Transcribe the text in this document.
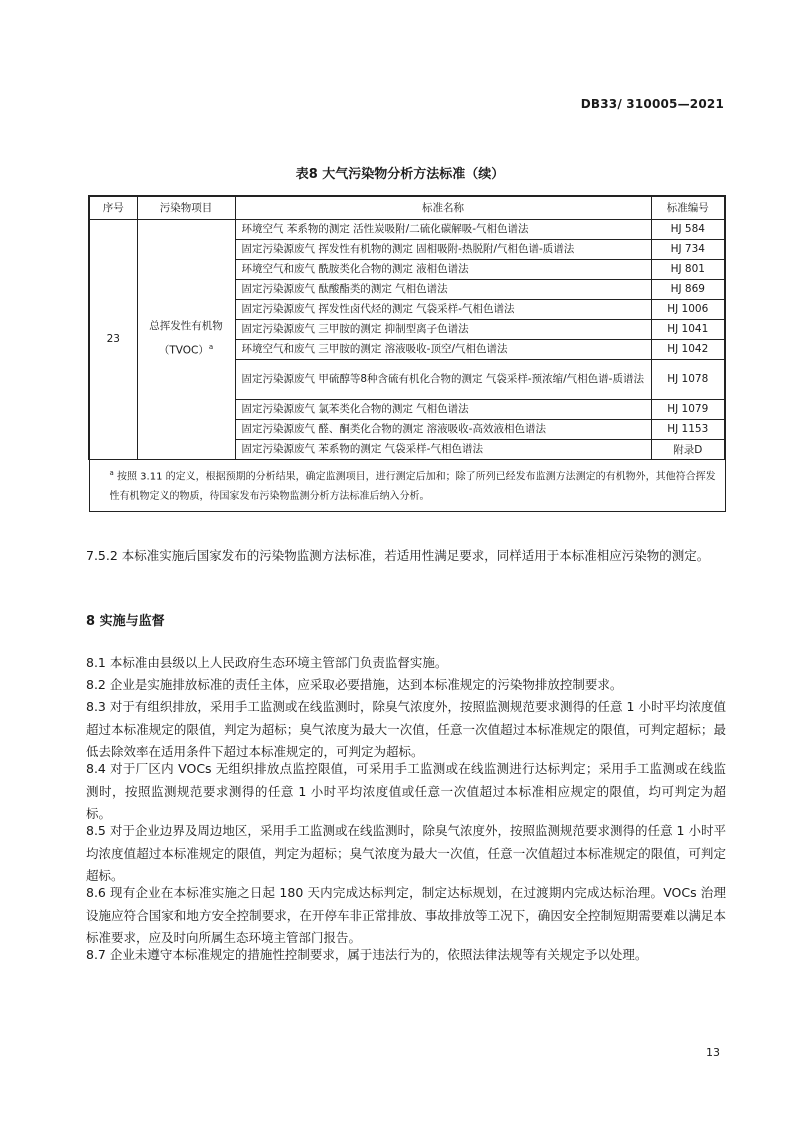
DB33/ 310005—2021
表8 大气污染物分析方法标准（续）
序号	污染物项目	标准名称	标准编号
23	总挥发性有机物（TVOC）$^a$	环境空气 苯系物的测定 活性炭吸附/二硫化碳解吸-气相色谱法	HJ 584
		固定污染源废气 挥发性有机物的测定 固相吸附-热脱附/气相色谱-质谱法	HJ 734
		环境空气和废气 酰胺类化合物的测定 液相色谱法	HJ 801
		固定污染源废气 酞酸酯类的测定 气相色谱法	HJ 869
		固定污染源废气 挥发性卤代烃的测定 气袋采样-气相色谱法	HJ 1006
		固定污染源废气 三甲胺的测定 抑制型离子色谱法	HJ 1041
		环境空气和废气 三甲胺的测定 溶液吸收-顶空/气相色谱法	HJ 1042
		固定污染源废气 甲硫醇等8种含硫有机化合物的测定 气袋采样-预浓缩/气相色谱-质谱法	HJ 1078
		固定污染源废气 氯苯类化合物的测定 气相色谱法	HJ 1079
		固定污染源废气 醛、酮类化合物的测定 溶液吸收-高效液相色谱法	HJ 1153
		固定污染源废气 苯系物的测定 气袋采样-气相色谱法	附录D
$^a$ 按照 3.11 的定义，根据预期的分析结果，确定监测项目，进行测定后加和；除了所列已经发布监测方法测定的有机物外，其他符合挥发性有机物定义的物质，待国家发布污染物监测分析方法标准后纳入分析。			

7.5.2 本标准实施后国家发布的污染物监测方法标准，若适用性满足要求，同样适用于本标准相应污染物的测定。

8 实施与监督

8.1 本标准由县级以上人民政府生态环境主管部门负责监督实施。

8.2 企业是实施排放标准的责任主体，应采取必要措施，达到本标准规定的污染物排放控制要求。

8.3 对于有组织排放，采用手工监测或在线监测时，除臭气浓度外，按照监测规范要求测得的任意 1 小时平均浓度值超过本标准规定的限值，判定为超标；臭气浓度为最大一次值，任意一次值超过本标准规定的限值，可判定超标；最低去除效率在适用条件下超过本标准规定的，可判定为超标。

8.4 对于厂区内 VOCs 无组织排放点监控限值，可采用手工监测或在线监测进行达标判定；采用手工监测或在线监测时，按照监测规范要求测得的任意 1 小时平均浓度值或任意一次值超过本标准相应规定的限值，均可判定为超标。

8.5 对于企业边界及周边地区，采用手工监测或在线监测时，除臭气浓度外，按照监测规范要求测得的任意 1 小时平均浓度值超过本标准规定的限值，判定为超标；臭气浓度为最大一次值，任意一次值超过本标准规定的限值，可判定超标。

8.6 现有企业在本标准实施之日起 180 天内完成达标判定，制定达标规划，在过渡期内完成达标治理。VOCs 治理设施应符合国家和地方安全控制要求，在开停车非正常排放、事故排放等工况下，确因安全控制短期需要难以满足本标准要求，应及时向所属生态环境主管部门报告。

8.7 企业未遵守本标准规定的措施性控制要求，属于违法行为的，依照法律法规等有关规定予以处理。

13
